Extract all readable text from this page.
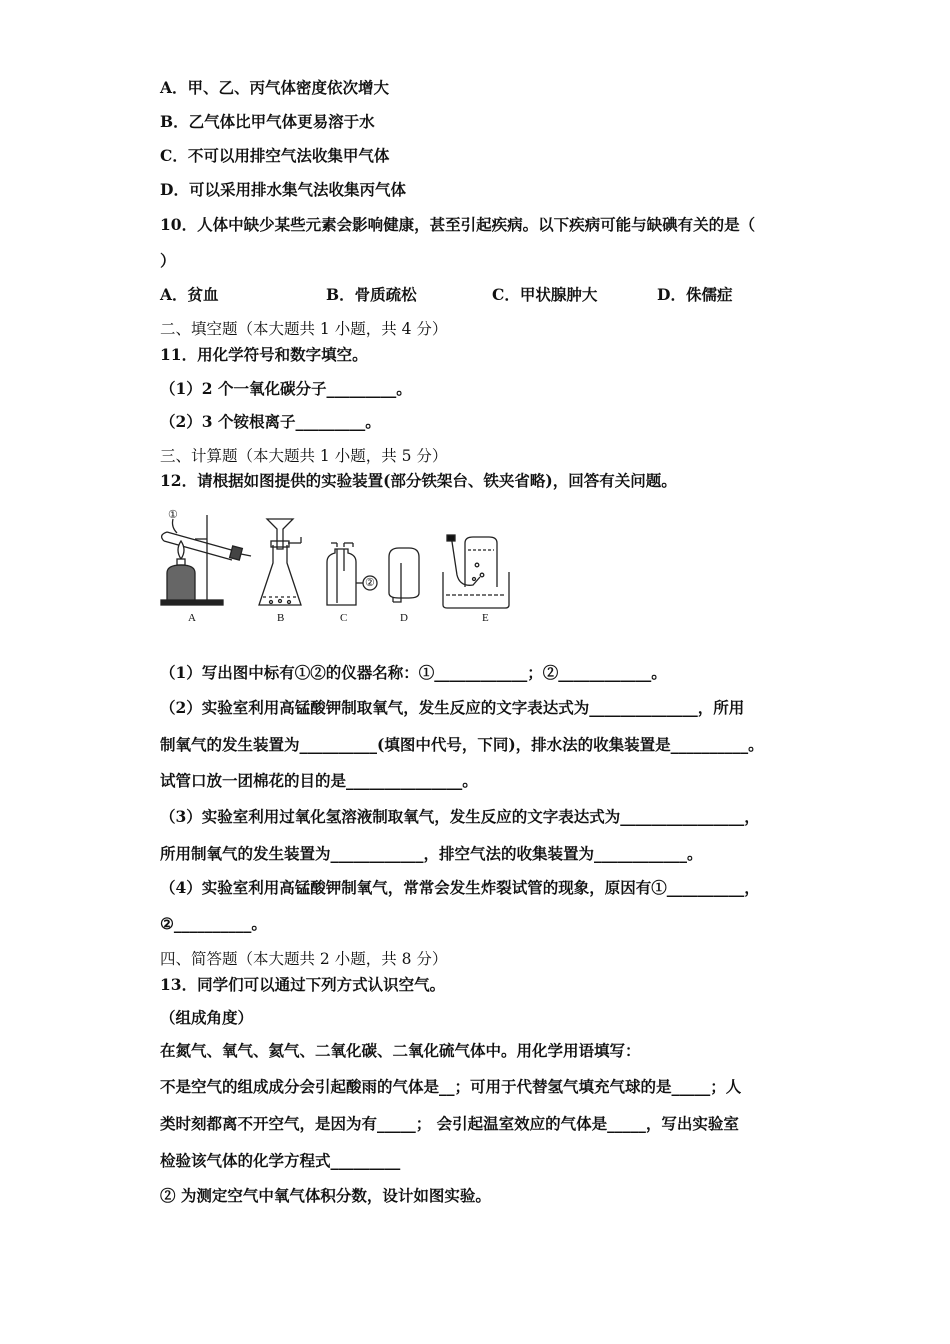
A．甲、乙、丙气体密度依次增大
B．乙气体比甲气体更易溶于水
C．不可以用排空气法收集甲气体
D．可以采用排水集气法收集丙气体
10．人体中缺少某些元素会影响健康，甚至引起疾病。以下疾病可能与缺碘有关的是（
）
A．贫血	B．骨质疏松	C．甲状腺肿大	D．侏儒症
二、填空题（本大题共 1 小题，共 4 分）
11．用化学符号和数字填空。
（1）2 个一氧化碳分子_________。
（2）3 个铵根离子_________。
三、计算题（本大题共 1 小题，共 5 分）
12．请根据如图提供的实验装置(部分铁架台、铁夹省略)，回答有关问题。
①
②
A	B	C	D	E
（1）写出图中标有①②的仪器名称：①____________；②____________。
（2）实验室利用高锰酸钾制取氧气，发生反应的文字表达式为______________，所用
制氧气的发生装置为__________(填图中代号，下同)，排水法的收集装置是__________。
试管口放一团棉花的目的是_______________。
（3）实验室利用过氧化氢溶液制取氧气，发生反应的文字表达式为________________，
所用制氧气的发生装置为____________，排空气法的收集装置为____________。
（4）实验室利用高锰酸钾制氧气，常常会发生炸裂试管的现象，原因有①__________，
②__________。
四、简答题（本大题共 2 小题，共 8 分）
13．同学们可以通过下列方式认识空气。
（组成角度）
在氮气、氧气、氦气、二氧化碳、二氧化硫气体中。用化学用语填写：
不是空气的组成成分会引起酸雨的气体是__；可用于代替氢气填充气球的是_____；人
类时刻都离不开空气，是因为有_____； 会引起温室效应的气体是_____，写出实验室
检验该气体的化学方程式_________
② 为测定空气中氧气体积分数，设计如图实验。
